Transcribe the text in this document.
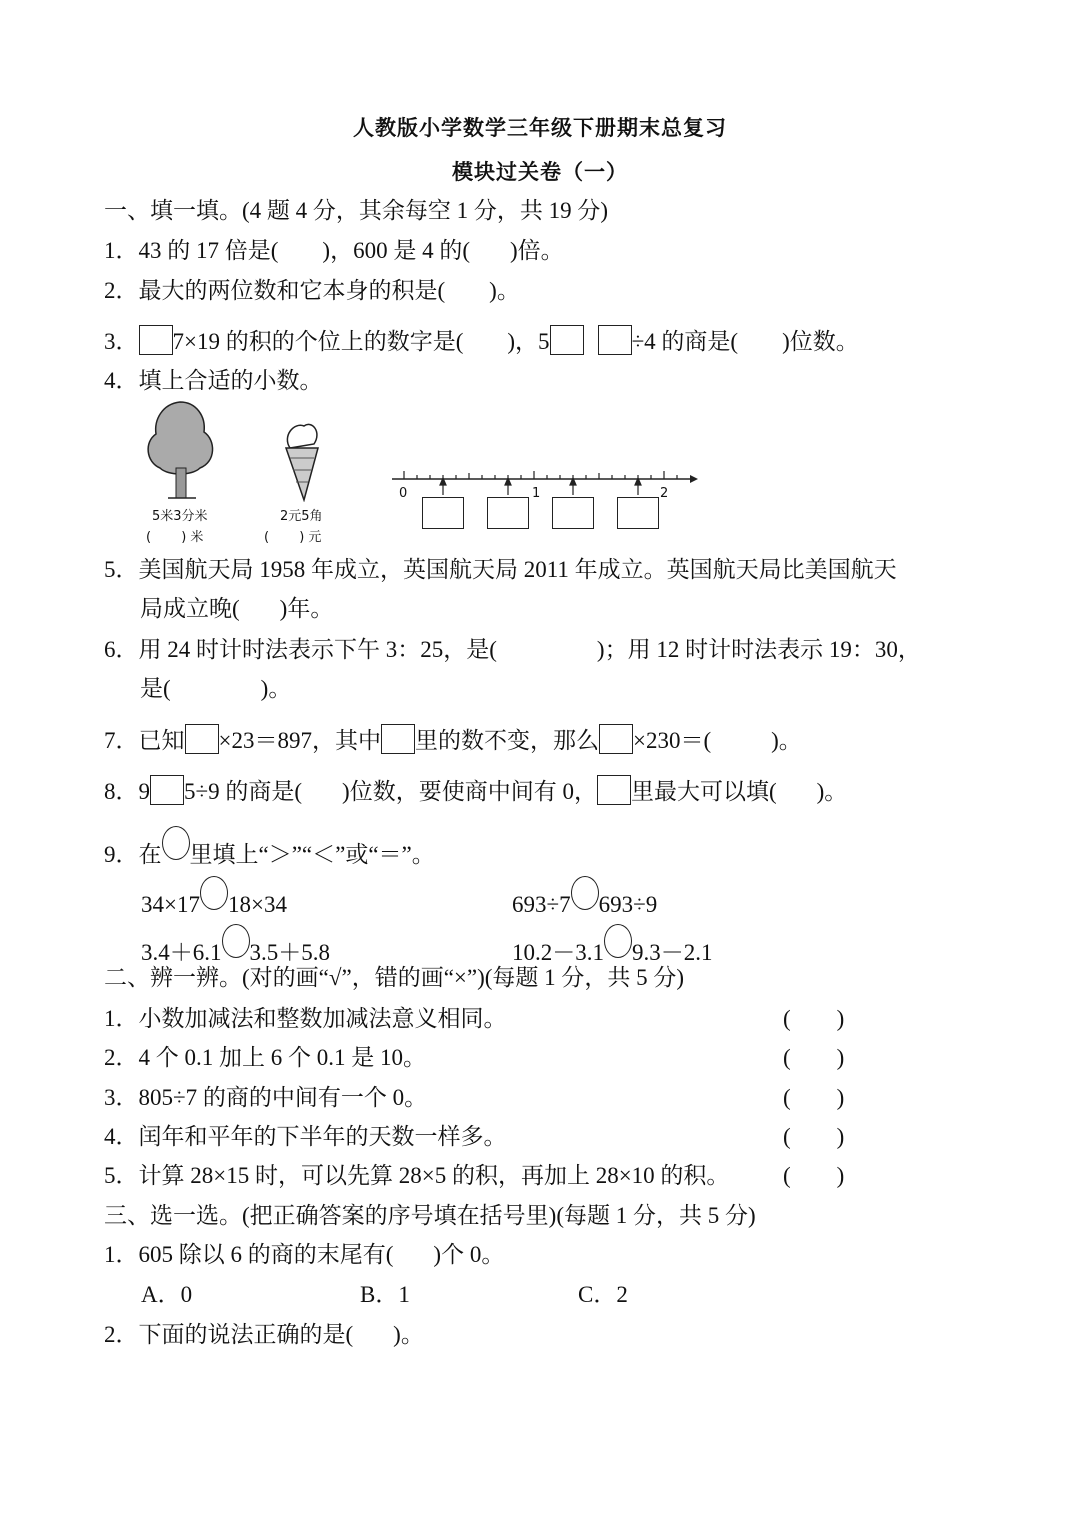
人教版小学数学三年级下册期末总复习
模块过关卷（一）
一、填一填。(4 题 4 分，其余每空 1 分，共 19 分)
1．43 的 17 倍是( )，600 是 4 的( )倍。
2．最大的两位数和它本身的积是( )。
3． 7×19 的积的个位上的数字是( )，5	÷4 的商是( )位数。
4．填上合适的小数。
5米3分米
(　　 ) 米
2元5角
(　　 ) 元
0	1	2
5．美国航天局 1958 年成立，英国航天局 2011 年成立。英国航天局比美国航天
局成立晚( )年。
6．用 24 时计时法表示下午 3：25，是(	)；用 12 时计时法表示 19：30，
是(	)。
7．已知 ×23＝897，其中 里的数不变，那么 ×230＝(	)。
8．9 5÷9 的商是( )位数，要使商中间有 0， 里最大可以填( )。
9．在 里填上“＞”“＜”或“＝”。
34×17 18×34	693÷7 693÷9
3.4＋6.1 3.5＋5.8	10.2－3.1 9.3－2.1
二、辨一辨。(对的画“√”，错的画“×”)(每题 1 分，共 5 分)
1．小数加减法和整数加减法意义相同。	(　　)
2．4 个 0.1 加上 6 个 0.1 是 10。	(　　)
3．805÷7 的商的中间有一个 0。	(　　)
4．闰年和平年的下半年的天数一样多。	(　　)
5．计算 28×15 时，可以先算 28×5 的积，再加上 28×10 的积。 (　　)
三、选一选。(把正确答案的序号填在括号里)(每题 1 分，共 5 分)
1．605 除以 6 的商的末尾有( )个 0。
A．0	B．1	C．2
2．下面的说法正确的是( )。
